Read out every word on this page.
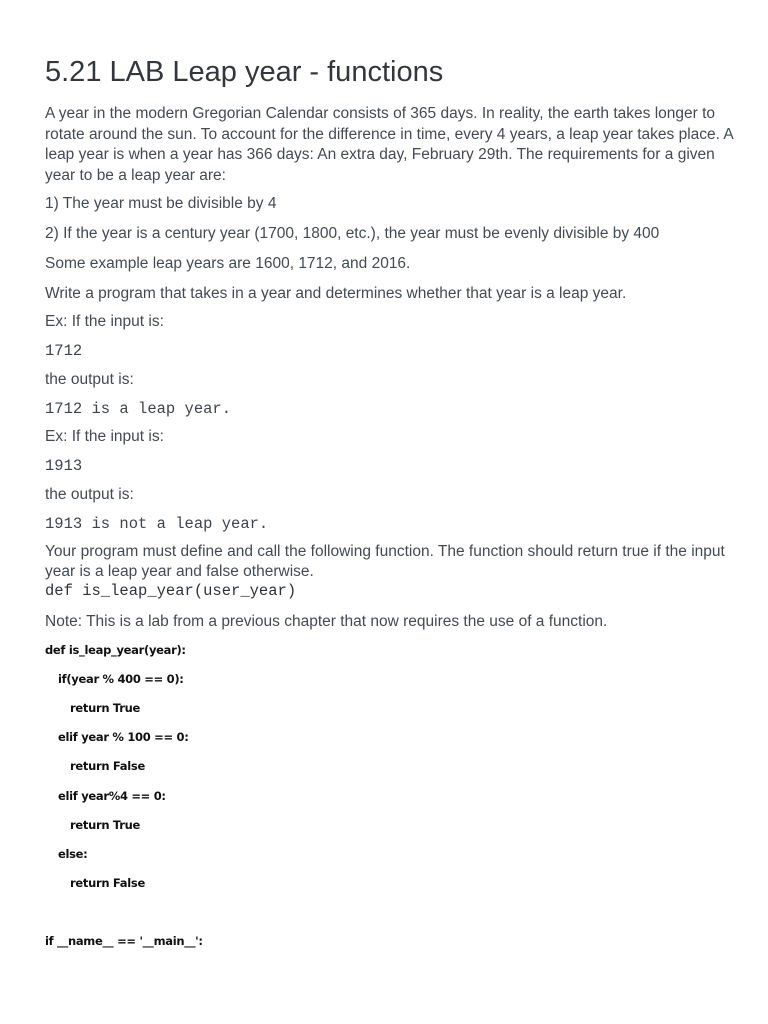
5.21 LAB Leap year - functions

A year in the modern Gregorian Calendar consists of 365 days. In reality, the earth takes longer to rotate around the sun. To account for the difference in time, every 4 years, a leap year takes place. A leap year is when a year has 366 days: An extra day, February 29th. The requirements for a given year to be a leap year are:

1) The year must be divisible by 4

2) If the year is a century year (1700, 1800, etc.), the year must be evenly divisible by 400

Some example leap years are 1600, 1712, and 2016.

Write a program that takes in a year and determines whether that year is a leap year.

Ex: If the input is:

1712

the output is:

1712 is a leap year.

Ex: If the input is:

1913

the output is:

1913 is not a leap year.

Your program must define and call the following function. The function should return true if the input year is a leap year and false otherwise.

def is_leap_year(user_year)

Note: This is a lab from a previous chapter that now requires the use of a function.

def is_leap_year(year):

if(year % 400 == 0):

return True

elif year % 100 == 0:

return False

elif year%4 == 0:

return True

else:

return False

if __name__ == '__main__':
